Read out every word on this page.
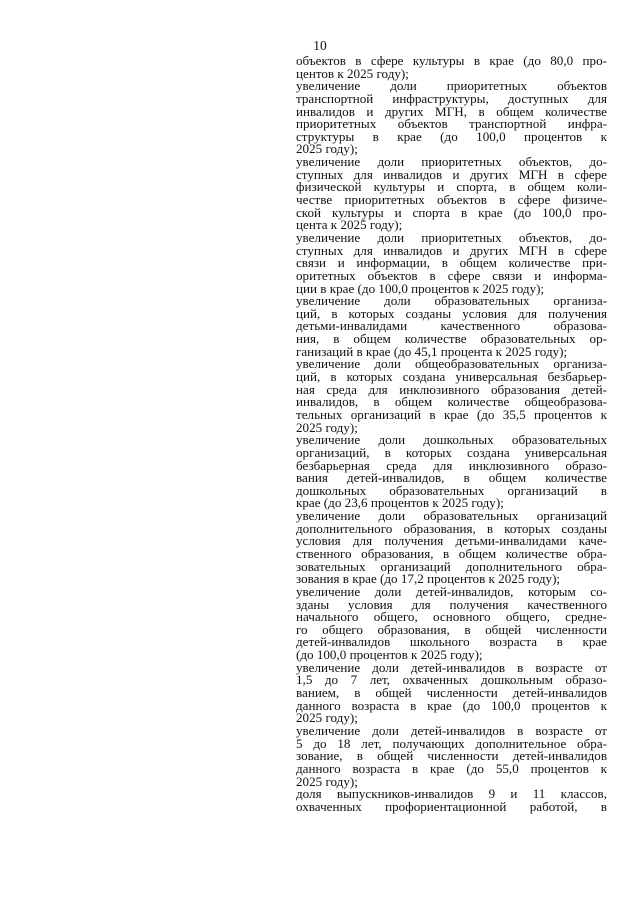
10
объектов в сфере культуры в крае (до 80,0 про-
центов к 2025 году);
увеличение доли приоритетных объектов
транспортной инфраструктуры, доступных для
инвалидов и других МГН, в общем количестве
приоритетных объектов транспортной инфра-
структуры в крае (до 100,0 процентов к
2025 году);
увеличение доли приоритетных объектов, до-
ступных для инвалидов и других МГН в сфере
физической культуры и спорта, в общем коли-
честве приоритетных объектов в сфере физиче-
ской культуры и спорта в крае (до 100,0 про-
цента к 2025 году);
увеличение доли приоритетных объектов, до-
ступных для инвалидов и других МГН в сфере
связи и информации, в общем количестве при-
оритетных объектов в сфере связи и информа-
ции в крае (до 100,0 процентов к 2025 году);
увеличение доли образовательных организа-
ций, в которых созданы условия для получения
детьми-инвалидами качественного образова-
ния, в общем количестве образовательных ор-
ганизаций в крае (до 45,1 процента к 2025 году);
увеличение доли общеобразовательных организа-
ций, в которых создана универсальная безбарьер-
ная среда для инклюзивного образования детей-
инвалидов, в общем количестве общеобразова-
тельных организаций в крае (до 35,5 процентов к
2025 году);
увеличение доли дошкольных образовательных
организаций, в которых создана универсальная
безбарьерная среда для инклюзивного образо-
вания детей-инвалидов, в общем количестве
дошкольных образовательных организаций в
крае (до 23,6 процентов к 2025 году);
увеличение доли образовательных организаций
дополнительного образования, в которых созданы
условия для получения детьми-инвалидами каче-
ственного образования, в общем количестве обра-
зовательных организаций дополнительного обра-
зования в крае (до 17,2 процентов к 2025 году);
увеличение доли детей-инвалидов, которым со-
зданы условия для получения качественного
начального общего, основного общего, средне-
го общего образования, в общей численности
детей-инвалидов школьного возраста в крае
(до 100,0 процентов к 2025 году);
увеличение доли детей-инвалидов в возрасте от
1,5 до 7 лет, охваченных дошкольным образо-
ванием, в общей численности детей-инвалидов
данного возраста в крае (до 100,0 процентов к
2025 году);
увеличение доли детей-инвалидов в возрасте от
5 до 18 лет, получающих дополнительное обра-
зование, в общей численности детей-инвалидов
данного возраста в крае (до 55,0 процентов к
2025 году);
доля выпускников-инвалидов 9 и 11 классов,
охваченных профориентационной работой, в
